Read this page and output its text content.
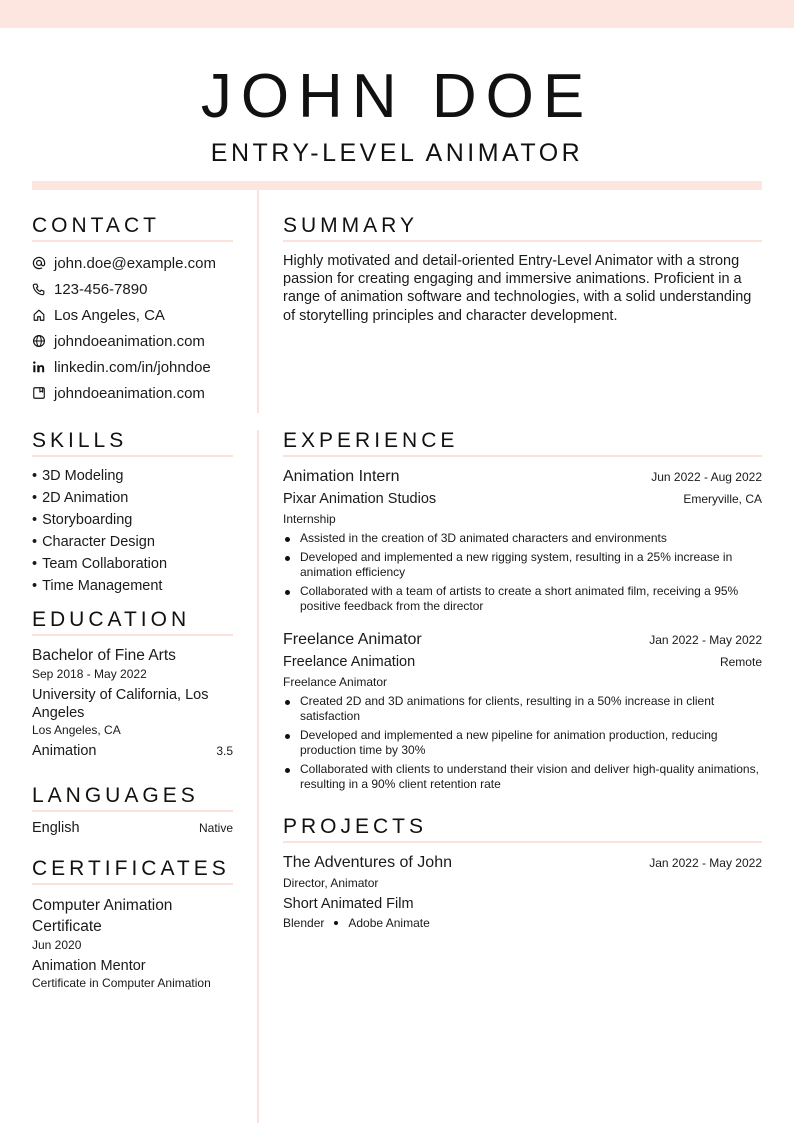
JOHN DOE
ENTRY-LEVEL ANIMATOR
CONTACT
john.doe@example.com
123-456-7890
Los Angeles, CA
johndoeanimation.com
linkedin.com/in/johndoe
johndoeanimation.com
SUMMARY

Highly motivated and detail-oriented Entry-Level Animator with a strong passion for creating engaging and immersive animations. Proficient in a range of animation software and technologies, with a solid understanding of storytelling principles and character development.

SKILLS
• 3D Modeling
• 2D Animation
• Storyboarding
• Character Design
• Team Collaboration
• Time Management
EDUCATION
Bachelor of Fine Arts
Sep 2018 - May 2022
University of California, Los Angeles
Los Angeles, CA
Animation	3.5
LANGUAGES
English	Native
CERTIFICATES
Computer Animation Certificate
Jun 2020
Animation Mentor
Certificate in Computer Animation
EXPERIENCE
Animation Intern	Jun 2022 - Aug 2022
Pixar Animation Studios	Emeryville, CA
Internship
Assisted in the creation of 3D animated characters and environments
Developed and implemented a new rigging system, resulting in a 25% increase in animation efficiency
Collaborated with a team of artists to create a short animated film, receiving a 95% positive feedback from the director
Freelance Animator	Jan 2022 - May 2022
Freelance Animation	Remote
Freelance Animator
Created 2D and 3D animations for clients, resulting in a 50% increase in client satisfaction
Developed and implemented a new pipeline for animation production, reducing production time by 30%
Collaborated with clients to understand their vision and deliver high-quality animations, resulting in a 90% client retention rate
PROJECTS
The Adventures of John	Jan 2022 - May 2022
Director, Animator
Short Animated Film
Blender Adobe Animate
